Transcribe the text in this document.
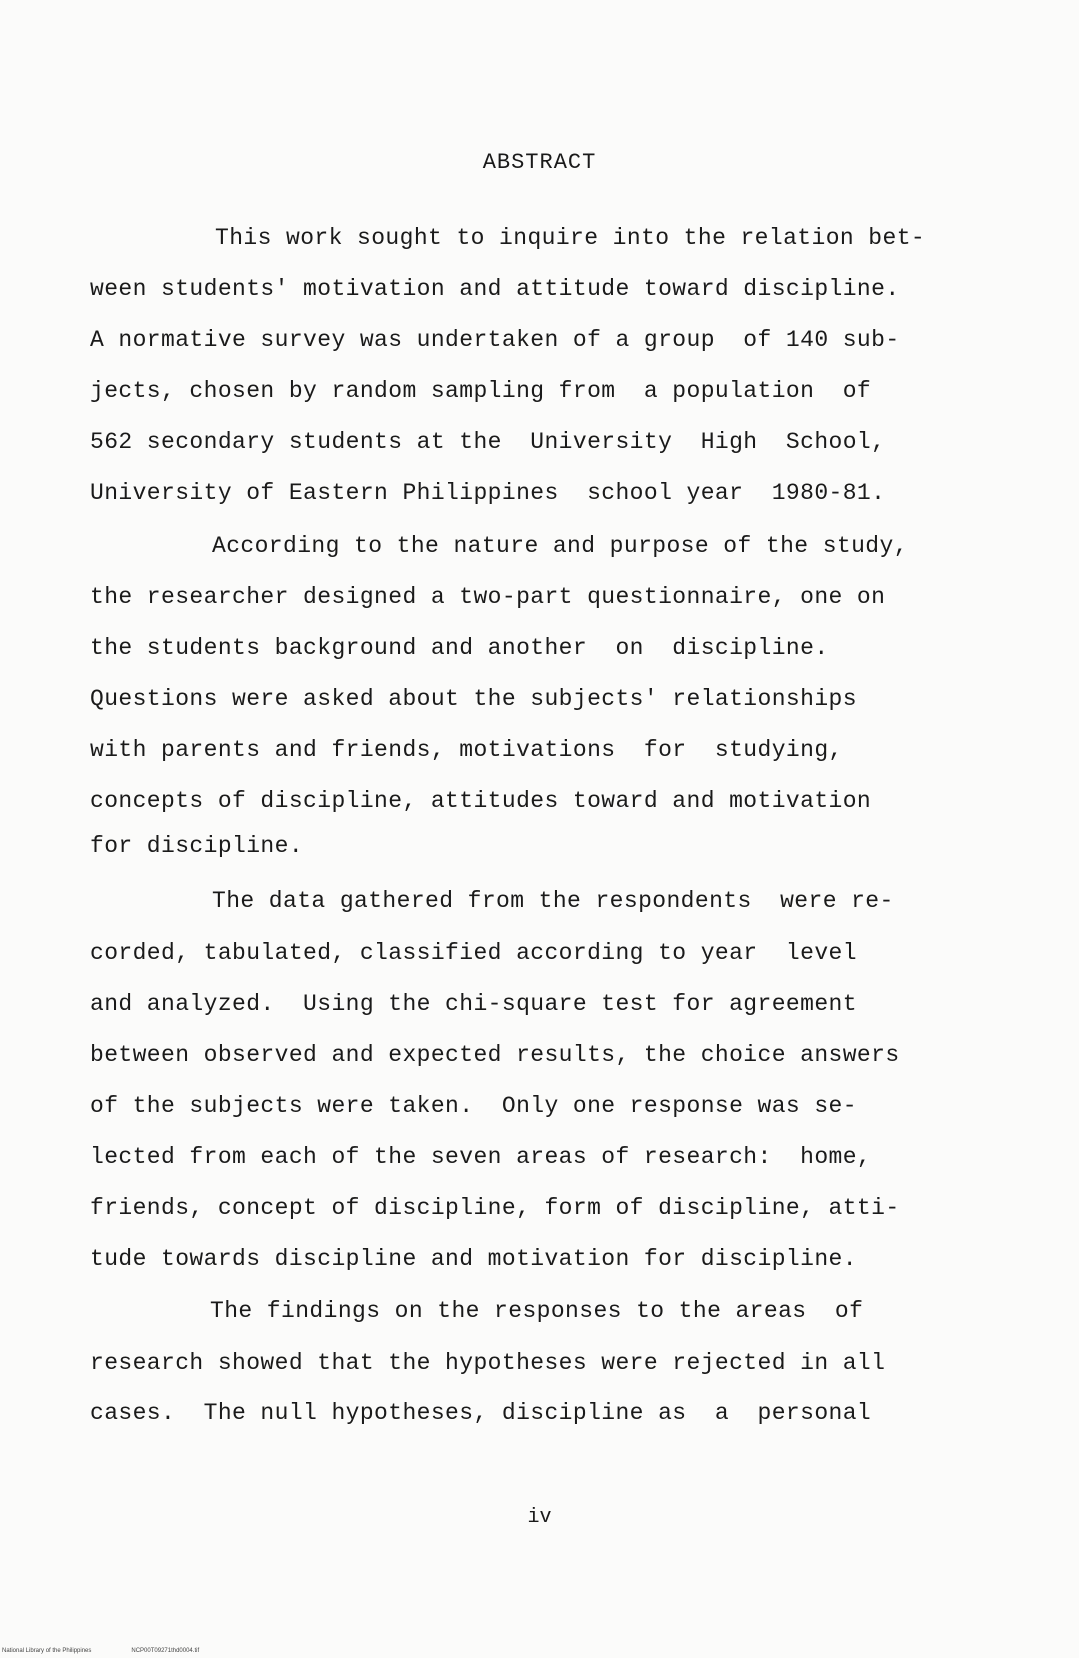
ABSTRACT
This work sought to inquire into the relation bet-
ween students' motivation and attitude toward discipline.
A normative survey was undertaken of a group  of 140 sub-
jects, chosen by random sampling from  a population  of
562 secondary students at the  University  High  School,
University of Eastern Philippines  school year  1980-81.
According to the nature and purpose of the study,
the researcher designed a two-part questionnaire, one on
the students background and another  on  discipline.
Questions were asked about the subjects' relationships
with parents and friends, motivations  for  studying,
concepts of discipline, attitudes toward and motivation
for discipline.
The data gathered from the respondents  were re-
corded, tabulated, classified according to year  level
and analyzed.  Using the chi-square test for agreement
between observed and expected results, the choice answers
of the subjects were taken.  Only one response was se-
lected from each of the seven areas of research:  home,
friends, concept of discipline, form of discipline, atti-
tude towards discipline and motivation for discipline.
The findings on the responses to the areas  of
research showed that the hypotheses were rejected in all
cases.  The null hypotheses, discipline as  a  personal
iv
National Library of the Philippines	NCP00T09271thd0004.tif
